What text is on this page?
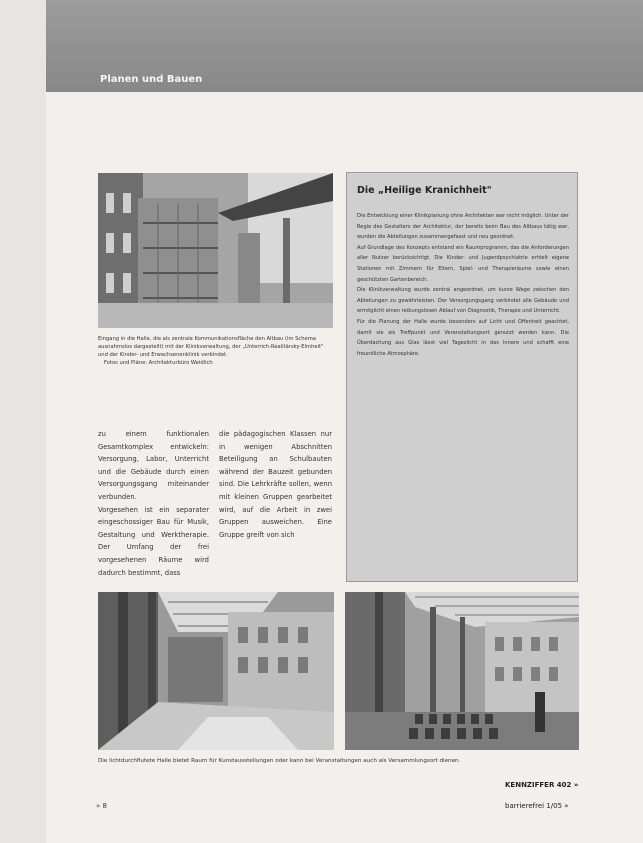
Planen und Bauen
Eingang in die Halle, die als zentrale Kommunikationsfläche den Altbau (im Schema ausnahmslos dargestellt) mit der Klinikverwaltung, der „Unterrich-Realitärsky-Elmheit" und der Kinder- und Erwachsenenklinik verbindet. Fotos und Pläne: Architekturbüro Weidlich

zu einem funktionalen Gesamtkomplex entwickeln: Versorgung, Labor, Unterricht und die Gebäude durch einen Versorgungsgang miteinander verbunden.

Vorgesehen ist ein separater eingeschossiger Bau für Musik, Gestaltung und Werktherapie. Der Umfang der frei vorgesehenen Räume wird dadurch bestimmt, dass

die pädagogischen Klassen nur in wenigen Abschnitten Beteiligung an Schulbauten während der Bauzeit gebunden sind. Die Lehrkräfte sollen, wenn mit kleinen Gruppen gearbeitet wird, auf die Arbeit in zwei Gruppen ausweichen. Eine Gruppe greift von sich

Die „Heilige Kranichheit"

Die Entwicklung einer Klinikplanung ohne Architekten war nicht möglich. Unter der Regie des Gestalters der Architektur, der bereits beim Bau des Altbaus tätig war, wurden die Abteilungen zusammengefasst und neu geordnet.

Auf Grundlage des Konzepts entstand ein Raumprogramm, das die Anforderungen aller Nutzer berücksichtigt. Die Kinder- und Jugendpsychiatrie erhielt eigene Stationen mit Zimmern für Eltern, Spiel- und Therapieräume sowie einen geschützten Gartenbereich.

Die Klinikverwaltung wurde zentral angeordnet, um kurze Wege zwischen den Abteilungen zu gewährleisten. Der Versorgungsgang verbindet alle Gebäude und ermöglicht einen reibungslosen Ablauf von Diagnostik, Therapie und Unterricht.

Für die Planung der Halle wurde besonders auf Licht und Offenheit geachtet, damit sie als Treffpunkt und Veranstaltungsort genutzt werden kann. Die Überdachung aus Glas lässt viel Tageslicht in das Innere und schafft eine freundliche Atmosphäre.

Die lichtdurchflutete Halle bietet Raum für Kunstausstellungen oder kann bei Veranstaltungen auch als Versammlungsort dienen.
KENNZIFFER 402 »
» 8	barrierefrei 1/05 »
